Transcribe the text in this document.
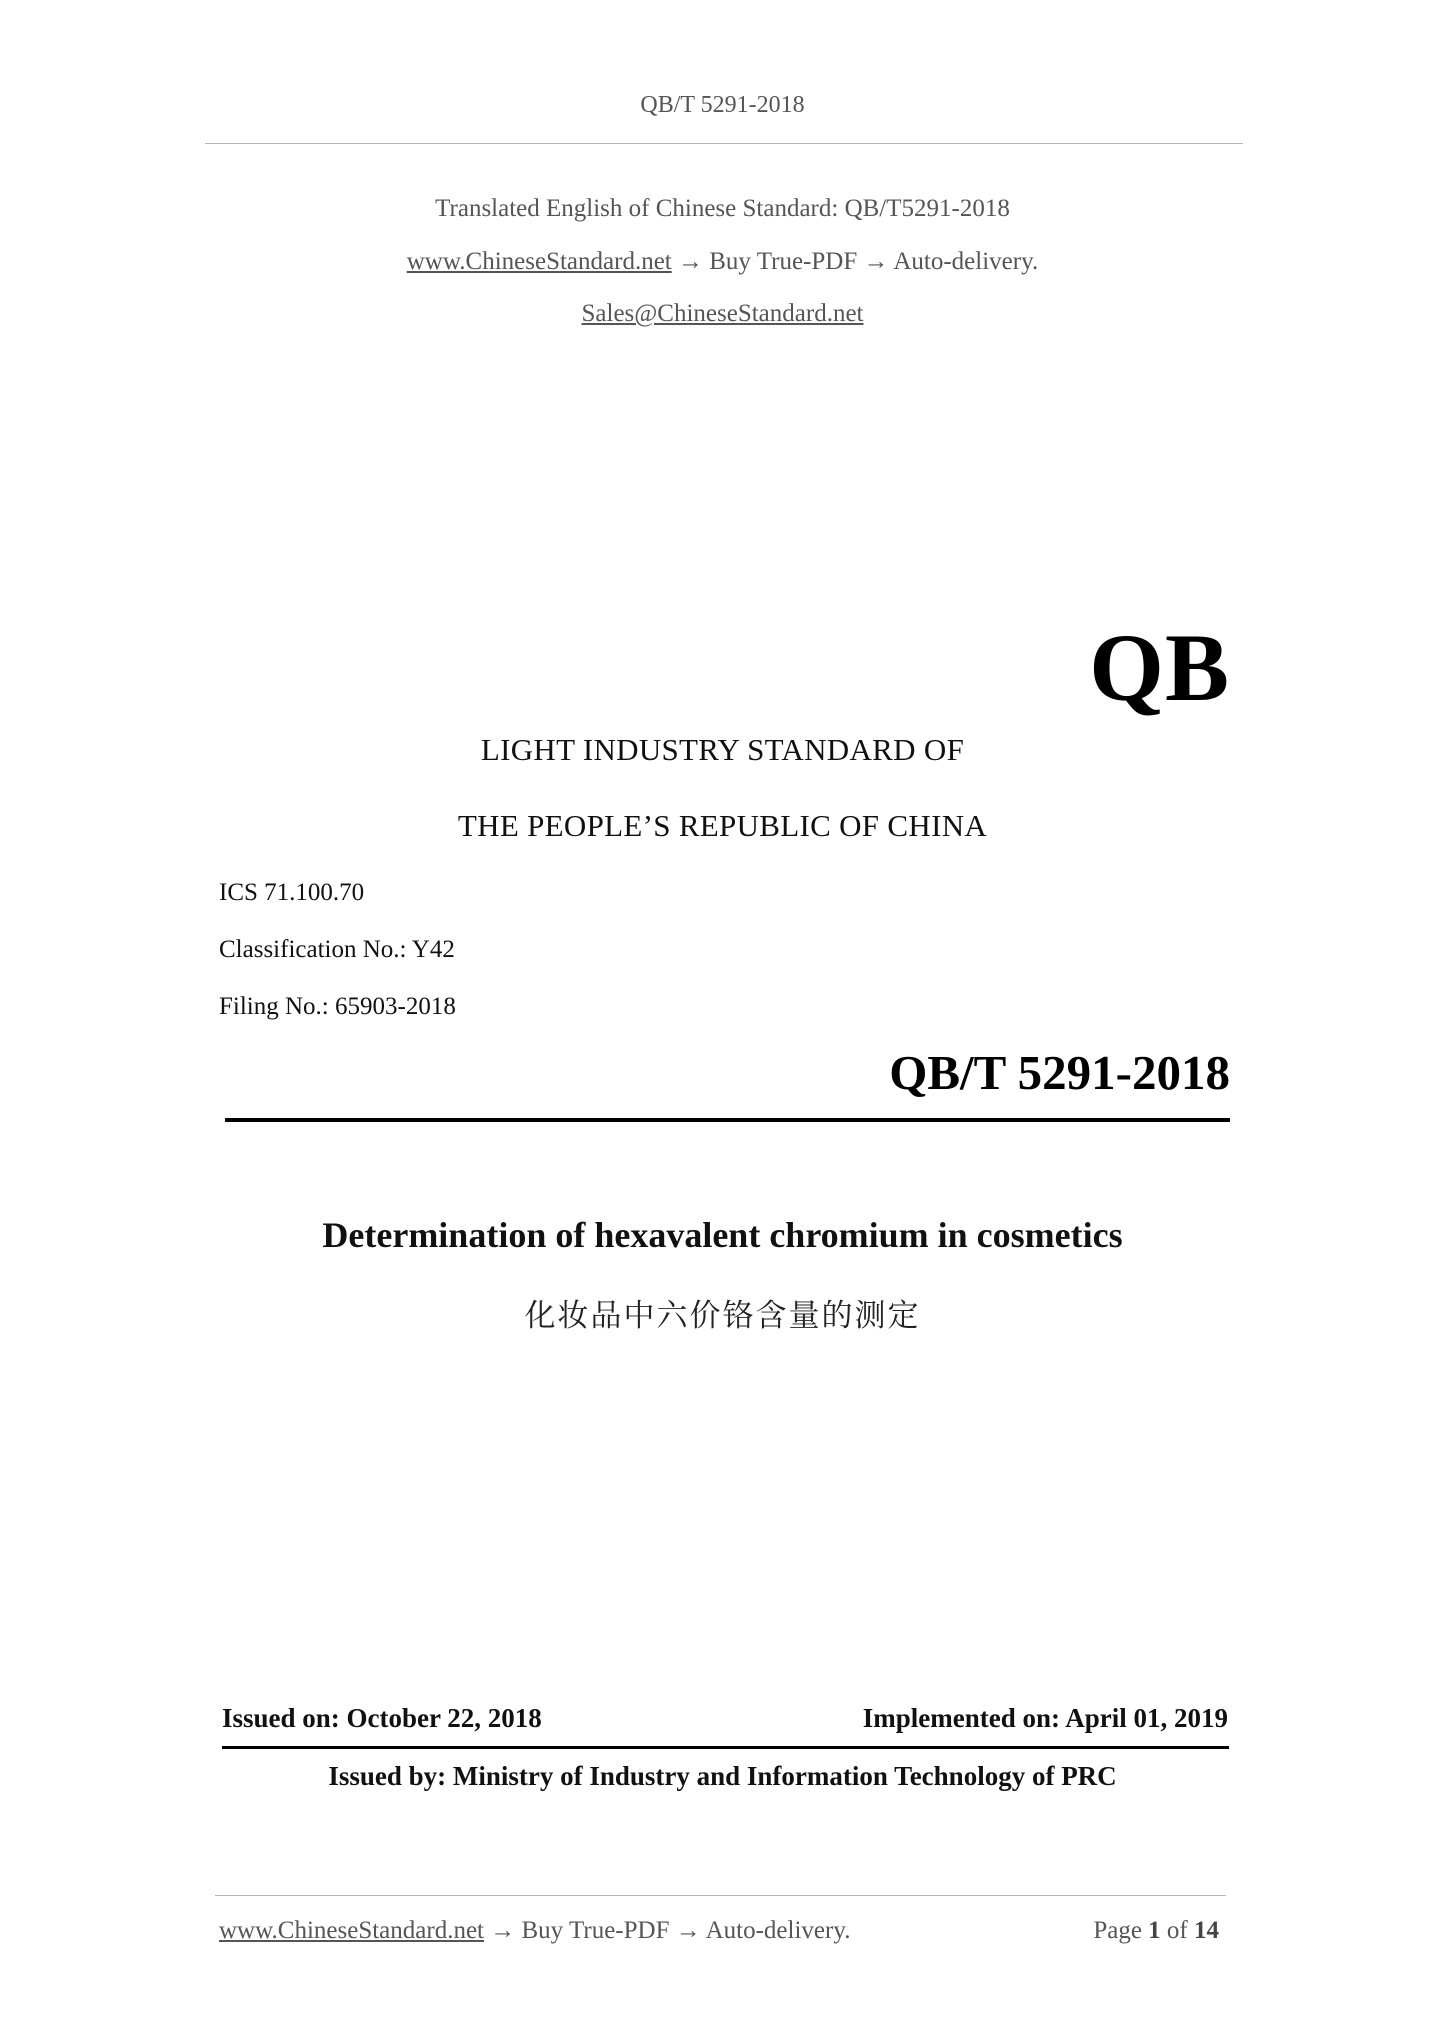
QB/T 5291-2018
Translated English of Chinese Standard: QB/T5291-2018
www.ChineseStandard.net → Buy True-PDF → Auto-delivery.
Sales@ChineseStandard.net
QB
LIGHT INDUSTRY STANDARD OF
THE PEOPLE’S REPUBLIC OF CHINA
ICS 71.100.70
Classification No.: Y42
Filing No.: 65903-2018
QB/T 5291-2018
Determination of hexavalent chromium in cosmetics
化妆品中六价铬含量的测定
Issued on: October 22, 2018	Implemented on: April 01, 2019
Issued by: Ministry of Industry and Information Technology of PRC
www.ChineseStandard.net → Buy True-PDF → Auto-delivery.	Page 1 of 14
